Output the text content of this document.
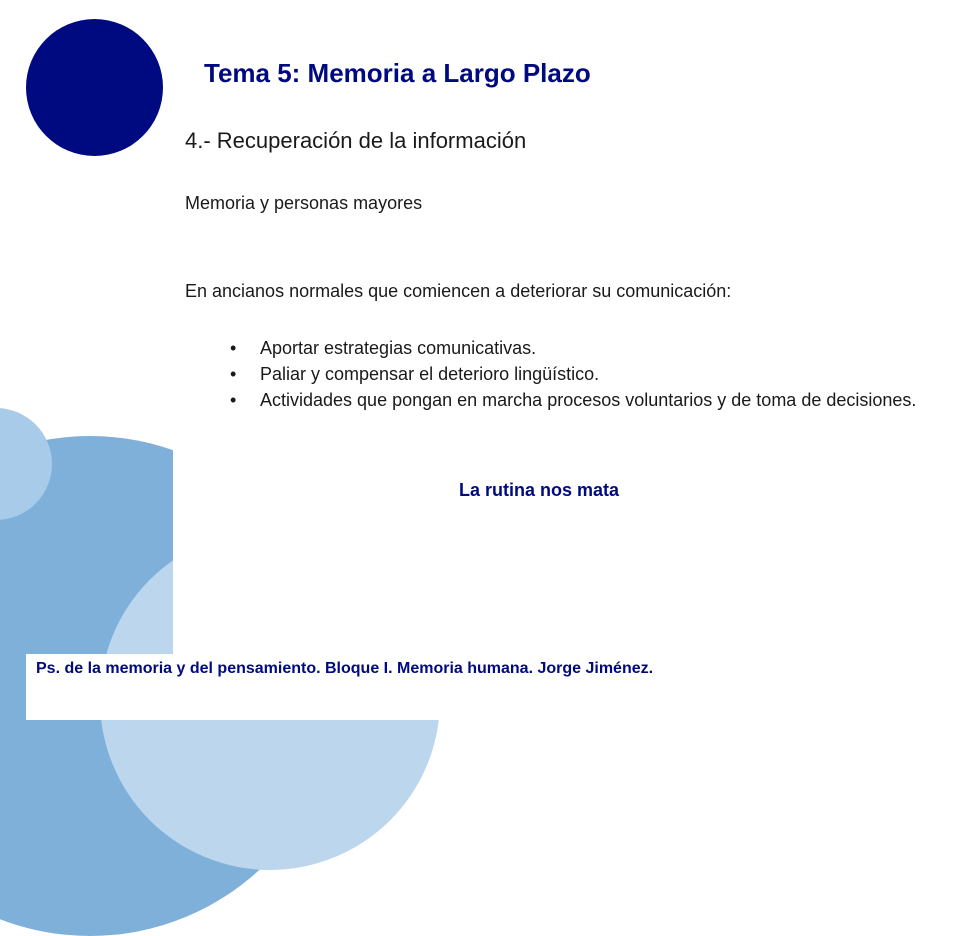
Tema 5: Memoria a Largo Plazo
4.- Recuperación de la información
Memoria y personas mayores
En ancianos normales que comiencen a deteriorar su comunicación:
• Aportar estrategias comunicativas.
• Paliar y compensar el deterioro lingüístico.
• Actividades que pongan en marcha procesos voluntarios y de toma de decisiones.
La rutina nos mata
Ps. de la memoria y del pensamiento. Bloque I. Memoria humana. Jorge Jiménez.
